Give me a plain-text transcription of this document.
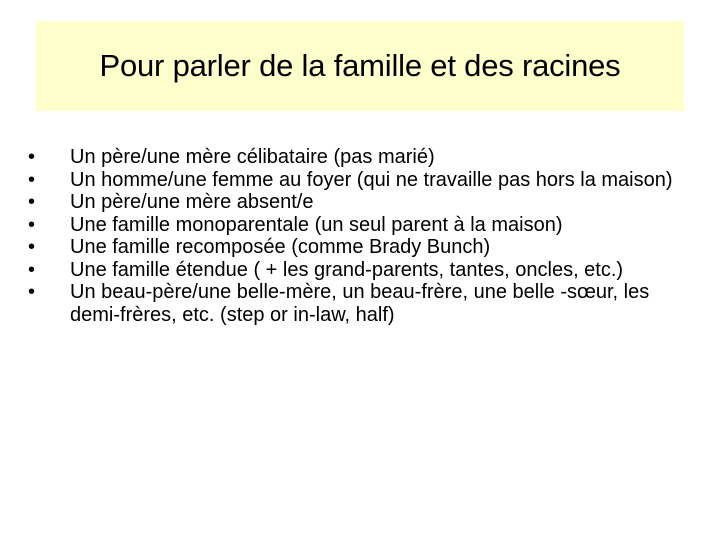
Pour parler de la famille et des racines
•	Un père/une mère célibataire (pas marié)
•	Un homme/une femme au foyer (qui ne travaille pas hors la maison)
•	Un père/une mère absent/e
•	Une famille monoparentale (un seul parent à la maison)
•	Une famille recomposée (comme Brady Bunch)
•	Une famille étendue ( + les grand-parents, tantes, oncles, etc.)
•	Un beau-père/une belle-mère, un beau-frère, une belle -sœur, les demi-frères, etc. (step or in-law, half)
